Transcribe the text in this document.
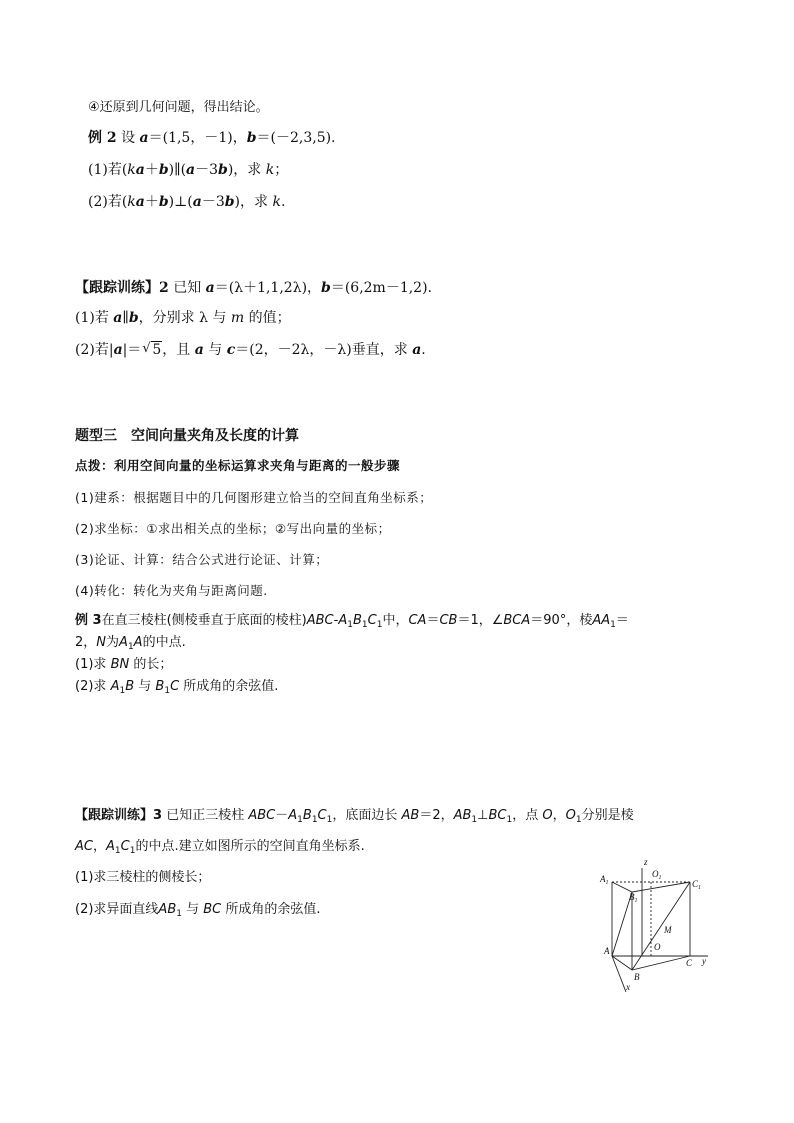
④还原到几何问题，得出结论。
例 2 设 a＝(1,5，－1)，b＝(－2,3,5).
(1)若(ka＋b)∥(a－3b)，求 k；
(2)若(ka＋b)⊥(a－3b)，求 k.
【跟踪训练】2 已知 a＝(λ＋1,1,2λ)，b＝(6,2m－1,2).
(1)若 a∥b，分别求 λ 与 m 的值；
(2)若|a|＝√ 5，且 a 与 c＝(2，－2λ，－λ)垂直，求 a.
题型三　空间向量夹角及长度的计算
点拨：利用空间向量的坐标运算求夹角与距离的一般步骤
(1)建系：根据题目中的几何图形建立恰当的空间直角坐标系；
(2)求坐标：①求出相关点的坐标；②写出向量的坐标；
(3)论证、计算：结合公式进行论证、计算；
(4)转化：转化为夹角与距离问题.
例 3在直三棱柱(侧棱垂直于底面的棱柱)$ABC-A_1B_1C_1$中，CA＝CB＝1，∠BCA＝90°，棱$AA_1=$
2，N为$A_1A$的中点.
(1)求 BN 的长；
(2)求 $A_1B$ 与 $B_1C$ 所成角的余弦值.
【跟踪训练】3 已知正三棱柱 $ABC-A_1B_1C_1$，底面边长 AB＝2，$AB_1\perp BC_1$，点 O，$O_1$分别是棱
AC，$A_1C_1$的中点.建立如图所示的空间直角坐标系.
(1)求三棱柱的侧棱长；
(2)求异面直线$AB_1$ 与 BC 所成角的余弦值.
z
$O_1$
$A_1$
$B_1$
$C_1$
M
O
A
C y
B
x
